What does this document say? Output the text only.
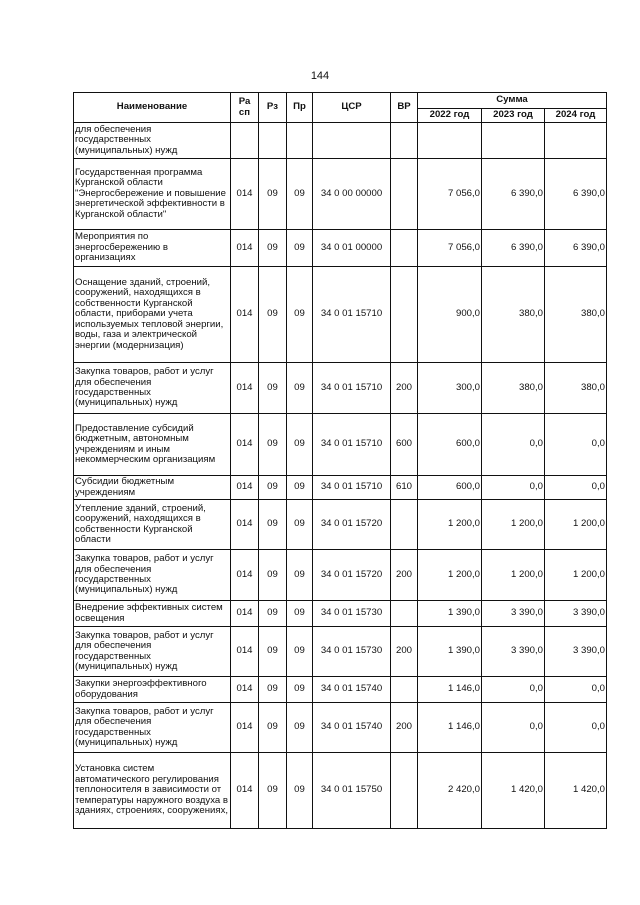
144
Наименование	Ра сп	Рз	Пр	ЦСР	ВР	Сумма		
						2022 год	2023 год	2024 год
для обеспечения государственных (муниципальных) нужд								
Государственная программа Курганской области "Энергосбережение и повышение энергетической эффективности в Курганской области"	014	09	09	34 0 00 00000		7 056,0	6 390,0	6 390,0
Мероприятия по энергосбережению в организациях	014	09	09	34 0 01 00000		7 056,0	6 390,0	6 390,0
Оснащение зданий, строений, сооружений, находящихся в собственности Курганской области, приборами учета используемых тепловой энергии, воды, газа и электрической энергии (модернизация)	014	09	09	34 0 01 15710		900,0	380,0	380,0
Закупка товаров, работ и услуг для обеспечения государственных (муниципальных) нужд	014	09	09	34 0 01 15710	200	300,0	380,0	380,0
Предоставление субсидий бюджетным, автономным учреждениям и иным некоммерческим организациям	014	09	09	34 0 01 15710	600	600,0	0,0	0,0
Субсидии бюджетным учреждениям	014	09	09	34 0 01 15710	610	600,0	0,0	0,0
Утепление зданий, строений, сооружений, находящихся в собственности Курганской области	014	09	09	34 0 01 15720		1 200,0	1 200,0	1 200,0
Закупка товаров, работ и услуг для обеспечения государственных (муниципальных) нужд	014	09	09	34 0 01 15720	200	1 200,0	1 200,0	1 200,0
Внедрение эффективных систем освещения	014	09	09	34 0 01 15730		1 390,0	3 390,0	3 390,0
Закупка товаров, работ и услуг для обеспечения государственных (муниципальных) нужд	014	09	09	34 0 01 15730	200	1 390,0	3 390,0	3 390,0
Закупки энергоэффективного оборудования	014	09	09	34 0 01 15740		1 146,0	0,0	0,0
Закупка товаров, работ и услуг для обеспечения государственных (муниципальных) нужд	014	09	09	34 0 01 15740	200	1 146,0	0,0	0,0
Установка систем автоматического регулирования теплоносителя в зависимости от температуры наружного воздуха в зданиях, строениях, сооружениях,	014	09	09	34 0 01 15750		2 420,0	1 420,0	1 420,0
